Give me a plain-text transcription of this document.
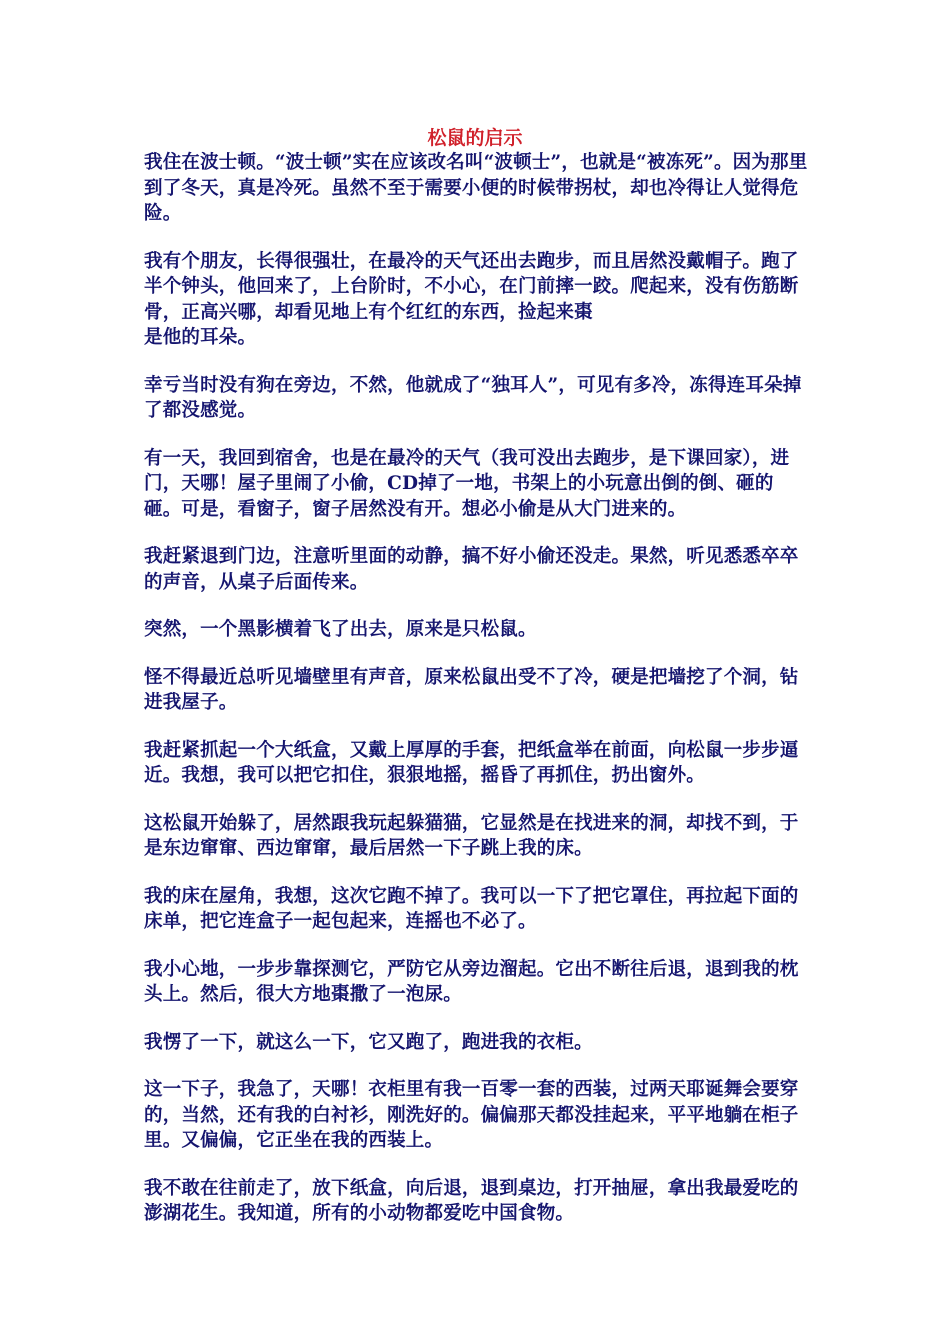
松鼠的启示

我住在波士顿。“波士顿”实在应该改名叫“波顿士”，也就是“被冻死”。因为那里到了冬天，真是冷死。虽然不至于需要小便的时候带拐杖，却也冷得让人觉得危险。

我有个朋友，长得很强壮，在最冷的天气还出去跑步，而且居然没戴帽子。跑了半个钟头，他回来了，上台阶时，不小心，在门前摔一跤。爬起来，没有伤筋断骨，正高兴哪，却看见地上有个红红的东西，捡起来棗
是他的耳朵。

幸亏当时没有狗在旁边，不然，他就成了“独耳人”，可见有多冷，冻得连耳朵掉了都没感觉。

有一天，我回到宿舍，也是在最冷的天气（我可没出去跑步，是下课回家），进门，天哪！屋子里闹了小偷，CD掉了一地，书架上的小玩意出倒的倒、砸的砸。可是，看窗子，窗子居然没有开。想必小偷是从大门进来的。

我赶紧退到门边，注意听里面的动静，搞不好小偷还没走。果然，听见悉悉卒卒的声音，从桌子后面传来。

突然，一个黑影横着飞了出去，原来是只松鼠。

怪不得最近总听见墙壁里有声音，原来松鼠出受不了冷，硬是把墙挖了个洞，钻进我屋子。

我赶紧抓起一个大纸盒，又戴上厚厚的手套，把纸盒举在前面，向松鼠一步步逼近。我想，我可以把它扣住，狠狠地摇，摇昏了再抓住，扔出窗外。

这松鼠开始躲了，居然跟我玩起躲猫猫，它显然是在找进来的洞，却找不到，于是东边窜窜、西边窜窜，最后居然一下子跳上我的床。

我的床在屋角，我想，这次它跑不掉了。我可以一下了把它罩住，再拉起下面的床单，把它连盒子一起包起来，连摇也不必了。

我小心地，一步步靠探测它，严防它从旁边溜起。它出不断往后退，退到我的枕头上。然后，很大方地棗撒了一泡尿。

我愣了一下，就这么一下，它又跑了，跑进我的衣柜。

这一下子，我急了，天哪！衣柜里有我一百零一套的西装，过两天耶诞舞会要穿的，当然，还有我的白衬衫，刚洗好的。偏偏那天都没挂起来，平平地躺在柜子里。又偏偏，它正坐在我的西装上。

我不敢在往前走了，放下纸盒，向后退，退到桌边，打开抽屉，拿出我最爱吃的澎湖花生。我知道，所有的小动物都爱吃中国食物。
